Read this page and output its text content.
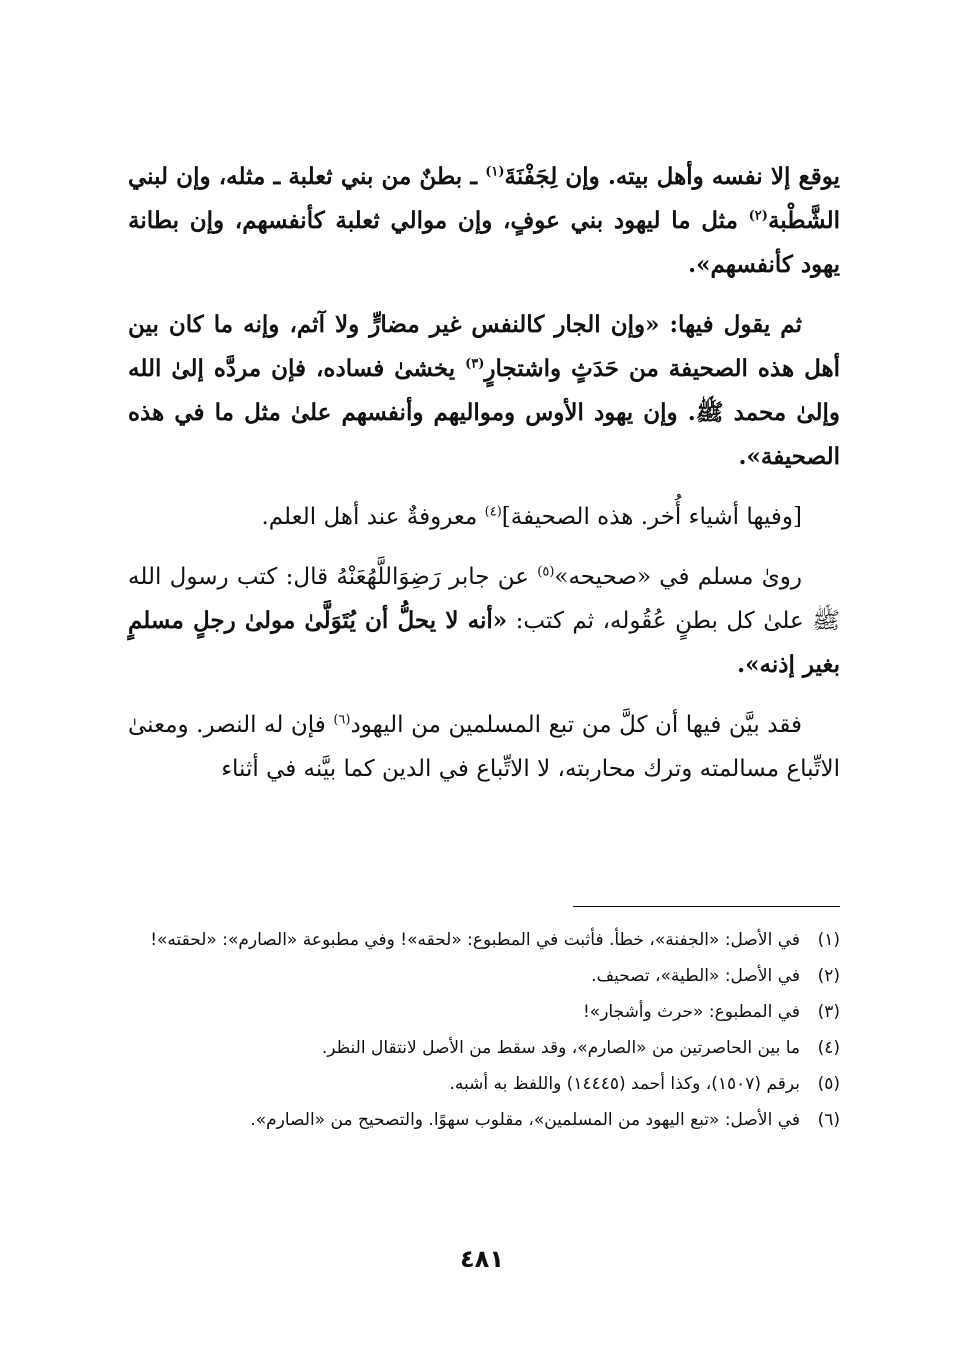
يوقع إلا نفسه وأهل بيته. وإن لِجَفْنَةَ$^{(١)}$ ـ بطنٌ من بني ثعلبة ـ مثله، وإن لبني الشَّطْبة$^{(٢)}$ مثل ما ليهود بني عوفٍ، وإن موالي ثعلبة كأنفسهم، وإن بطانة يهود كأنفسهم».

ثم يقول فيها: «وإن الجار كالنفس غير مضارٍّ ولا آثم، وإنه ما كان بين أهل هذه الصحيفة من حَدَثٍ واشتجارٍ$^{(٣)}$ يخشىٰ فساده، فإن مردَّه إلىٰ الله وإلىٰ محمد ﷺ. وإن يهود الأوس ومواليهم وأنفسهم علىٰ مثل ما في هذه الصحيفة».

[وفيها أشياء أُخر. هذه الصحيفة]$^{(٤)}$ معروفةٌ عند أهل العلم.

روىٰ مسلم في «صحيحه»$^{(٥)}$ عن جابر رَضِوَاللَّهُعَنْهُ قال: كتب رسول الله ﷺ علىٰ كل بطنٍ عُقُوله، ثم كتب: «أنه لا يحلُّ أن يُتَوَلَّىٰ مولىٰ رجلٍ مسلمٍ بغير إذنه».

فقد بيَّن فيها أن كلَّ من تبع المسلمين من اليهود$^{(٦)}$ فإن له النصر. ومعنىٰ الاتِّباع مسالمته وترك محاربته، لا الاتِّباع في الدين كما بيَّنه في أثناء

(١)
في الأصل: «الجفنة»، خطأ. فأثبت في المطبوع: «لحقه»! وفي مطبوعة «الصارم»: «لحقته»!
(٢)
في الأصل: «الطية»، تصحيف.
(٣)
في المطبوع: «حرث وأشجار»!
(٤)
ما بين الحاصرتين من «الصارم»، وقد سقط من الأصل لانتقال النظر.
(٥)
برقم (١٥٠٧)، وكذا أحمد (١٤٤٤٥) واللفظ به أشبه.
(٦)
في الأصل: «تبع اليهود من المسلمين»، مقلوب سهوًا. والتصحيح من «الصارم».
٤٨١
